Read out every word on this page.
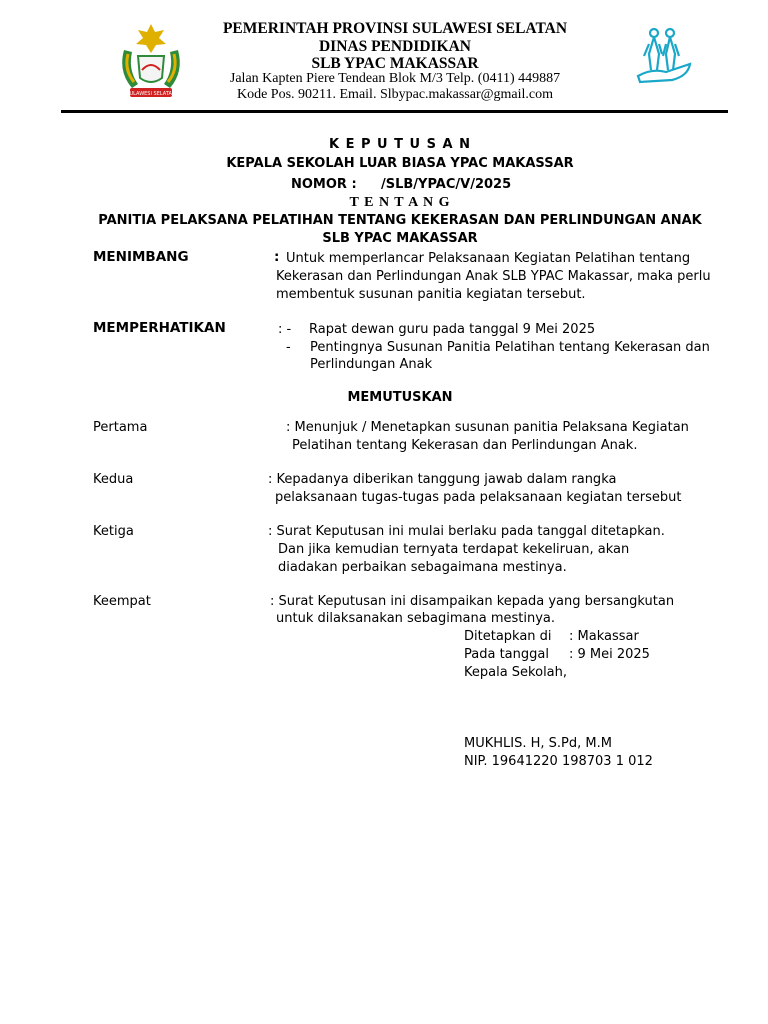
SULAWESI SELATAN
PEMERINTAH PROVINSI SULAWESI SELATAN
DINAS PENDIDIKAN
SLB YPAC MAKASSAR
Jalan Kapten Piere Tendean Blok M/3 Telp. (0411) 449887
Kode Pos. 90211. Email. Slbypac.makassar@gmail.com
K E P U T U S A N
KEPALA SEKOLAH LUAR BIASA YPAC MAKASSAR
NOMOR : /SLB/YPAC/V/2025
T E N T A N G
PANITIA PELAKSANA PELATIHAN TENTANG KEKERASAN DAN PERLINDUNGAN ANAK
SLB YPAC MAKASSAR
MENIMBANG	: Untuk memperlancar Pelaksanaan Kegiatan Pelatihan tentang
Kekerasan dan Perlindungan Anak SLB YPAC Makassar, maka perlu
membentuk susunan panitia kegiatan tersebut.
MEMPERHATIKAN	: - Rapat dewan guru pada tanggal 9 Mei 2025
- Pentingnya Susunan Panitia Pelatihan tentang Kekerasan dan
Perlindungan Anak
MEMUTUSKAN
Pertama	: Menunjuk / Menetapkan susunan panitia Pelaksana Kegiatan
Pelatihan tentang Kekerasan dan Perlindungan Anak.
Kedua	: Kepadanya diberikan tanggung jawab dalam rangka
pelaksanaan tugas-tugas pada pelaksanaan kegiatan tersebut
Ketiga	: Surat Keputusan ini mulai berlaku pada tanggal ditetapkan.
Dan jika kemudian ternyata terdapat kekeliruan, akan
diadakan perbaikan sebagaimana mestinya.
Keempat	: Surat Keputusan ini disampaikan kepada yang bersangkutan
untuk dilaksanakan sebagimana mestinya.
Ditetapkan di : Makassar
Pada tanggal : 9 Mei 2025
Kepala Sekolah,
MUKHLIS. H, S.Pd, M.M
NIP. 19641220 198703 1 012
